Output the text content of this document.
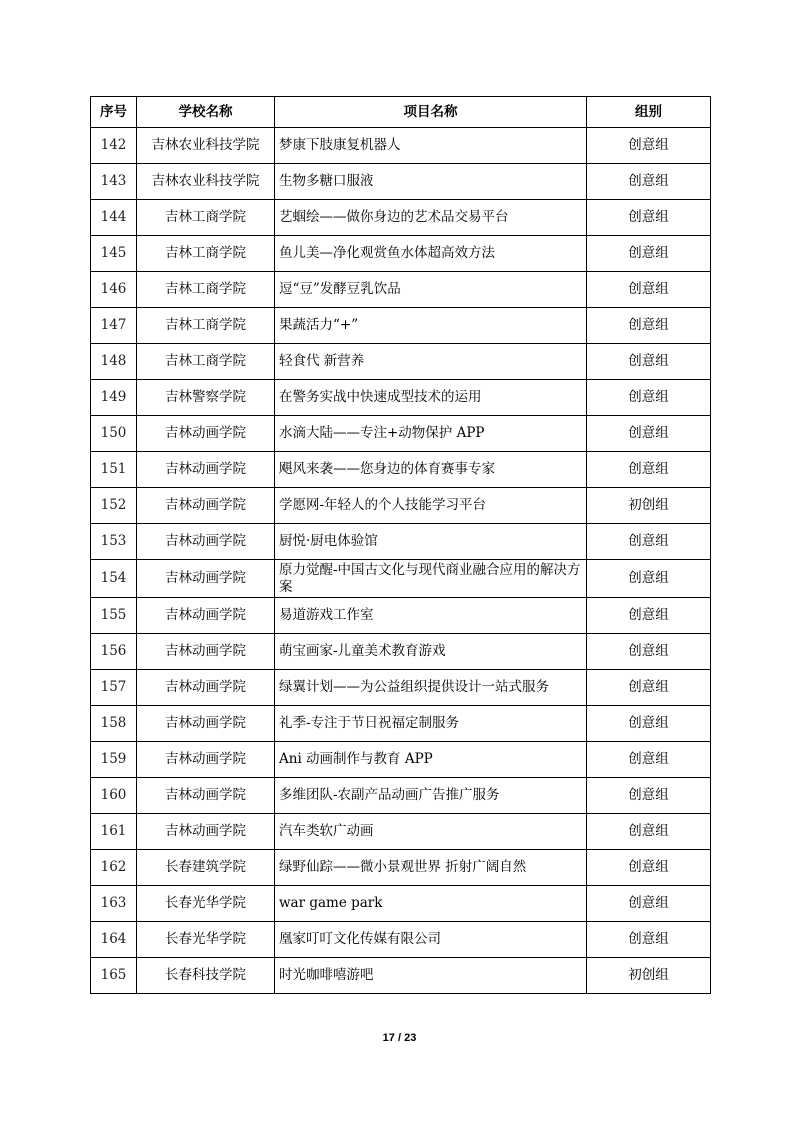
序号	学校名称	项目名称	组别
142	吉林农业科技学院	梦康下肢康复机器人	创意组
143	吉林农业科技学院	生物多糖口服液	创意组
144	吉林工商学院	艺蝈绘——做你身边的艺术品交易平台	创意组
145	吉林工商学院	鱼儿美—净化观赏鱼水体超高效方法	创意组
146	吉林工商学院	逗“豆”发酵豆乳饮品	创意组
147	吉林工商学院	果蔬活力“+”	创意组
148	吉林工商学院	轻食代 新营养	创意组
149	吉林警察学院	在警务实战中快速成型技术的运用	创意组
150	吉林动画学院	水滴大陆——专注+动物保护 APP	创意组
151	吉林动画学院	飓风来袭——您身边的体育赛事专家	创意组
152	吉林动画学院	学愿网-年轻人的个人技能学习平台	初创组
153	吉林动画学院	厨悦·厨电体验馆	创意组
154	吉林动画学院	原力觉醒-中国古文化与现代商业融合应用的解决方案	创意组
155	吉林动画学院	易道游戏工作室	创意组
156	吉林动画学院	萌宝画家-儿童美术教育游戏	创意组
157	吉林动画学院	绿翼计划——为公益组织提供设计一站式服务	创意组
158	吉林动画学院	礼季-专注于节日祝福定制服务	创意组
159	吉林动画学院	Ani 动画制作与教育 APP	创意组
160	吉林动画学院	多维团队-农副产品动画广告推广服务	创意组
161	吉林动画学院	汽车类软广动画	创意组
162	长春建筑学院	绿野仙踪——微小景观世界 折射广阔自然	创意组
163	长春光华学院	war game park	创意组
164	长春光华学院	凰家叮叮文化传媒有限公司	创意组
165	长春科技学院	时光咖啡嘻游吧	初创组
17 / 23
